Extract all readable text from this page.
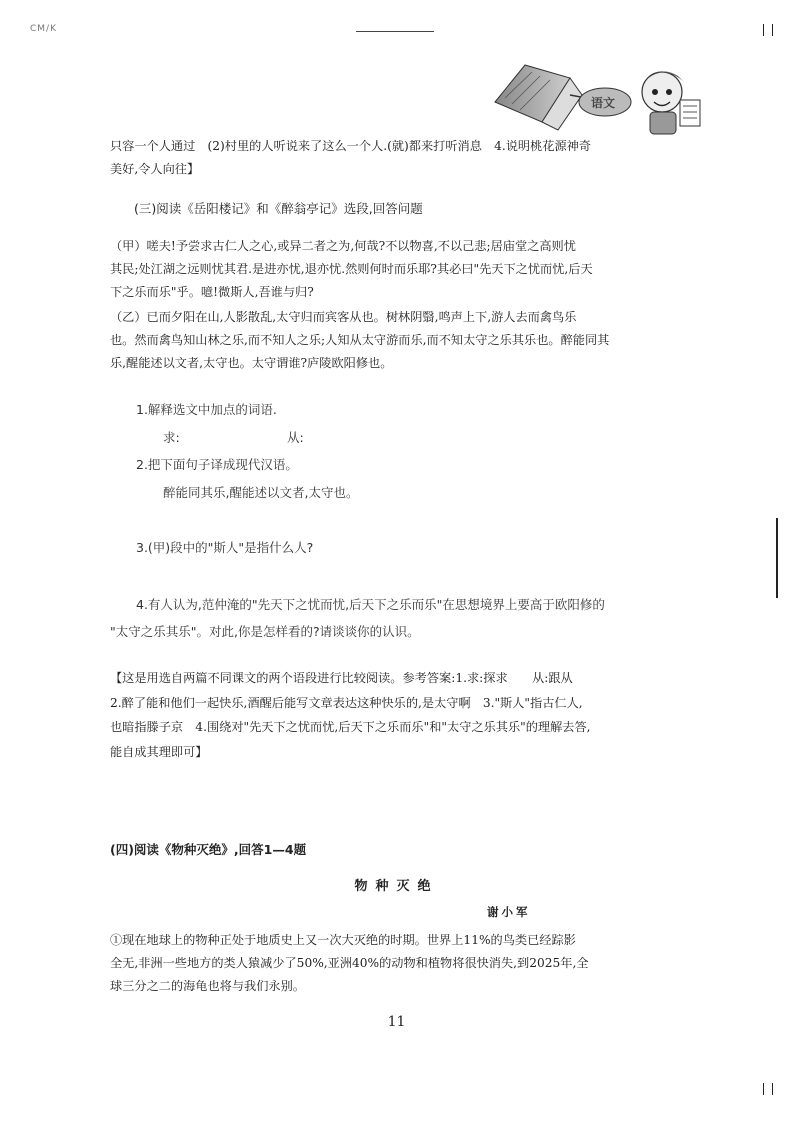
CM/K
语文

只容一个人通过　(2)村里的人听说来了这么一个人.(就)都来打听消息　4.说明桃花源神奇

美好,令人向往】

(三)阅读《岳阳楼记》和《醉翁亭记》选段,回答问题

（甲）嗟夫!予尝求古仁人之心,或异二者之为,何哉?不以物喜,不以己悲;居庙堂之高则忧

其民;处江湖之远则忧其君.是进亦忧,退亦忧.然则何时而乐耶?其必曰"先天下之忧而忧,后天

下之乐而乐"乎。噫!微斯人,吾谁与归?

（乙）已而夕阳在山,人影散乱,太守归而宾客从也。树林阴翳,鸣声上下,游人去而禽鸟乐

也。然而禽鸟知山林之乐,而不知人之乐;人知从太守游而乐,而不知太守之乐其乐也。醉能同其

乐,醒能述以文者,太守也。太守谓谁?庐陵欧阳修也。

1.解释选文中加点的词语.
求:	从:
2.把下面句子译成现代汉语。
醉能同其乐,醒能述以文者,太守也。
3.(甲)段中的"斯人"是指什么人?
4.有人认为,范仲淹的"先天下之忧而忧,后天下之乐而乐"在思想境界上要高于欧阳修的
"太守之乐其乐"。对此,你是怎样看的?请谈谈你的认识。

【这是用选自两篇不同课文的两个语段进行比较阅读。参考答案:1.求:探求　　从:跟从

2.醉了能和他们一起快乐,酒醒后能写文章表达这种快乐的,是太守啊　3."斯人"指古仁人,

也暗指滕子京　4.围绕对"先天下之忧而忧,后天下之乐而乐"和"太守之乐其乐"的理解去答,

能自成其理即可】

(四)阅读《物种灭绝》,回答1—4题
物种灭绝
谢小军

①现在地球上的物种正处于地质史上又一次大灭绝的时期。世界上11%的鸟类已经踪影

全无,非洲一些地方的类人猿减少了50%,亚洲40%的动物和植物将很快消失,到2025年,全

球三分之二的海龟也将与我们永别。

11
